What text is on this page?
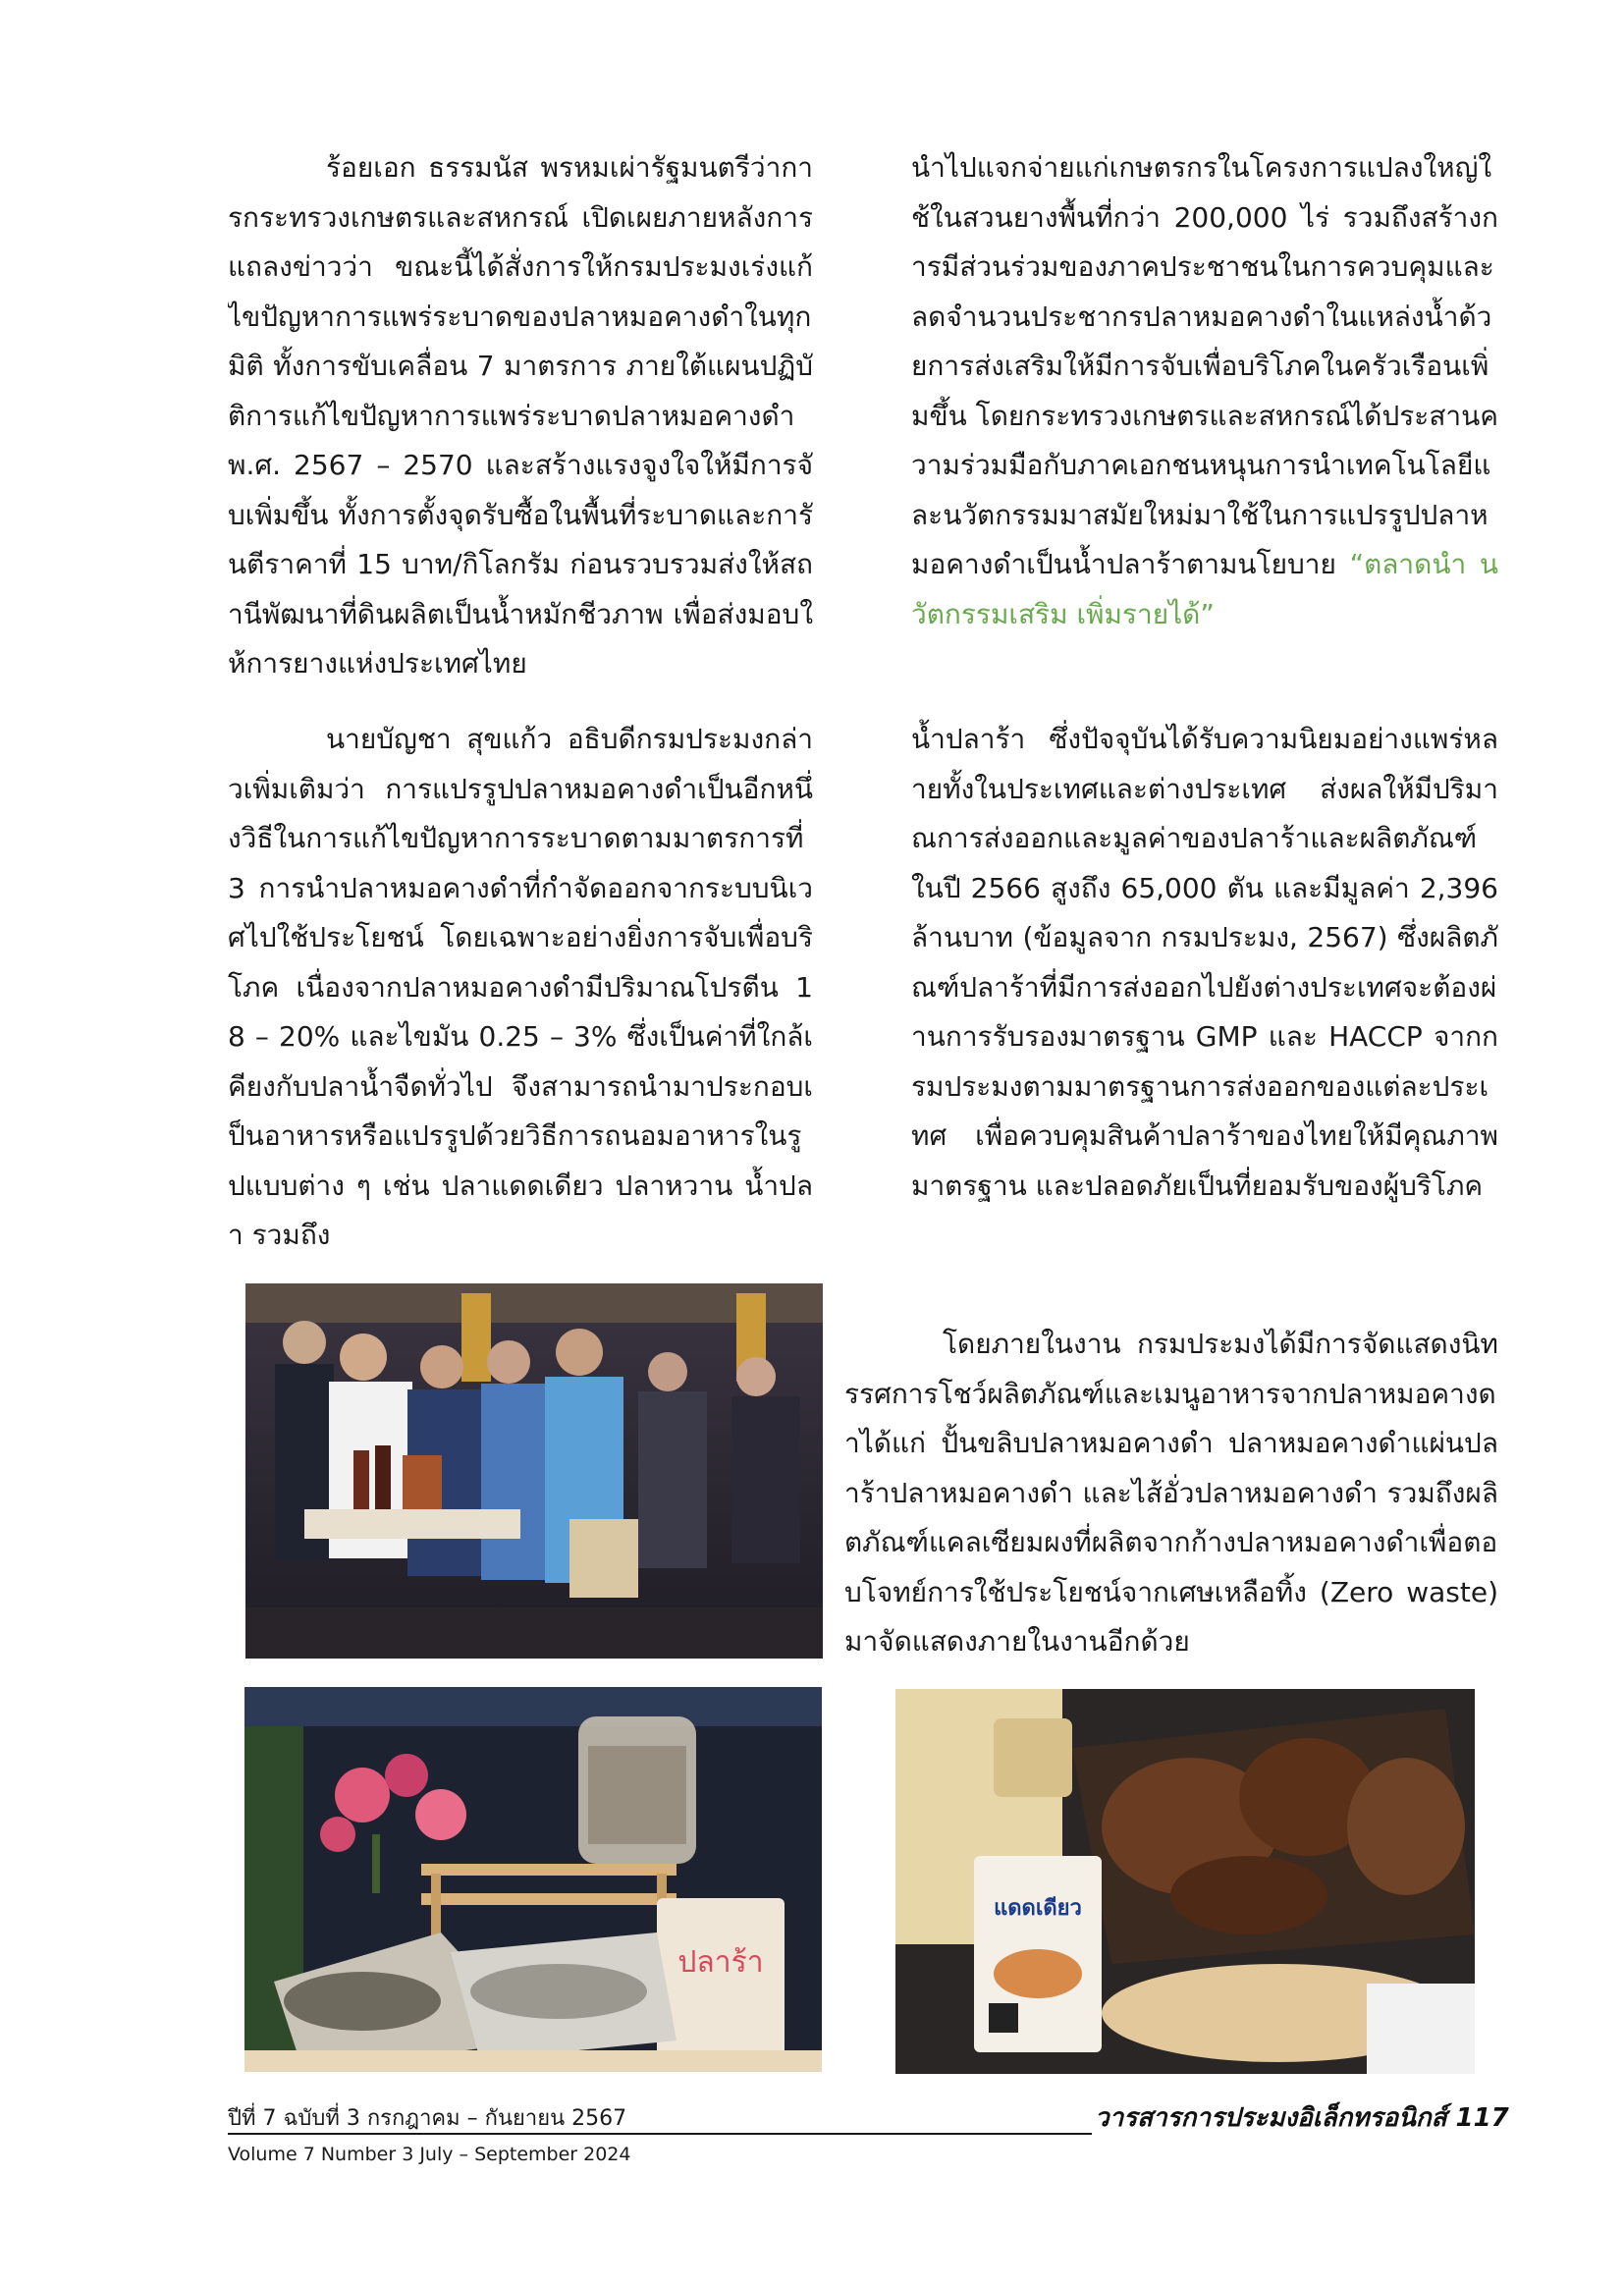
ร้อยเอก ธรรมนัส พรหมเผ่ารัฐมนตรีว่าการกระทรวงเกษตรและสหกรณ์ เปิดเผยภายหลังการแถลงข่าวว่า ขณะนี้ได้สั่งการให้กรมประมงเร่งแก้ไขปัญหาการแพร่ระบาดของปลาหมอคางดำในทุกมิติ ทั้งการขับเคลื่อน 7 มาตรการ ภายใต้แผนปฏิบัติการแก้ไขปัญหาการแพร่ระบาดปลาหมอคางดำ พ.ศ. 2567 – 2570 และสร้างแรงจูงใจให้มีการจับเพิ่มขึ้น ทั้งการตั้งจุดรับซื้อในพื้นที่ระบาดและการันตีราคาที่ 15 บาท/กิโลกรัม ก่อนรวบรวมส่งให้สถานีพัฒนาที่ดินผลิตเป็นน้ำหมักชีวภาพ เพื่อส่งมอบให้การยางแห่งประเทศไทย

นายบัญชา สุขแก้ว อธิบดีกรมประมงกล่าวเพิ่มเติมว่า การแปรรูปปลาหมอคางดำเป็นอีกหนึ่งวิธีในการแก้ไขปัญหาการระบาดตามมาตรการที่ 3 การนำปลาหมอคางดำที่กำจัดออกจากระบบนิเวศไปใช้ประโยชน์ โดยเฉพาะอย่างยิ่งการจับเพื่อบริโภค เนื่องจากปลาหมอคางดำมีปริมาณโปรตีน 18 – 20% และไขมัน 0.25 – 3% ซึ่งเป็นค่าที่ใกล้เคียงกับปลาน้ำจืดทั่วไป จึงสามารถนำมาประกอบเป็นอาหารหรือแปรรูปด้วยวิธีการถนอมอาหารในรูปแบบต่าง ๆ เช่น ปลาแดดเดียว ปลาหวาน น้ำปลา รวมถึง

นำไปแจกจ่ายแก่เกษตรกรในโครงการแปลงใหญ่ใช้ในสวนยางพื้นที่กว่า 200,000 ไร่ รวมถึงสร้างการมีส่วนร่วมของภาคประชาชนในการควบคุมและลดจำนวนประชากรปลาหมอคางดำในแหล่งน้ำด้วยการส่งเสริมให้มีการจับเพื่อบริโภคในครัวเรือนเพิ่มขึ้น โดยกระทรวงเกษตรและสหกรณ์ได้ประสานความร่วมมือกับภาคเอกชนหนุนการนำเทคโนโลยีและนวัตกรรมมาสมัยใหม่มาใช้ในการแปรรูปปลาหมอคางดำเป็นน้ำปลาร้าตามนโยบาย “ตลาดนำ นวัตกรรมเสริม เพิ่มรายได้”

น้ำปลาร้า ซึ่งปัจจุบันได้รับความนิยมอย่างแพร่หลายทั้งในประเทศและต่างประเทศ ส่งผลให้มีปริมาณการส่งออกและมูลค่าของปลาร้าและผลิตภัณฑ์ ในปี 2566 สูงถึง 65,000 ตัน และมีมูลค่า 2,396 ล้านบาท (ข้อมูลจาก กรมประมง, 2567) ซึ่งผลิตภัณฑ์ปลาร้าที่มีการส่งออกไปยังต่างประเทศจะต้องผ่านการรับรองมาตรฐาน GMP และ HACCP จากกรมประมงตามมาตรฐานการส่งออกของแต่ละประเทศ เพื่อควบคุมสินค้าปลาร้าของไทยให้มีคุณภาพ มาตรฐาน และปลอดภัยเป็นที่ยอมรับของผู้บริโภค

โดยภายในงาน กรมประมงได้มีการจัดแสดงนิทรรศการโชว์ผลิตภัณฑ์และเมนูอาหารจากปลาหมอคางดำได้แก่ ปั้นขลิบปลาหมอคางดำ ปลาหมอคางดำแผ่นปลาร้าปลาหมอคางดำ และไส้อั่วปลาหมอคางดำ รวมถึงผลิตภัณฑ์แคลเซียมผงที่ผลิตจากก้างปลาหมอคางดำเพื่อตอบโจทย์การใช้ประโยชน์จากเศษเหลือทิ้ง (Zero waste) มาจัดแสดงภายในงานอีกด้วย

ปลาร้า
แดดเดียว
ปีที่ 7 ฉบับที่ 3 กรกฎาคม – กันยายน 2567
Volume 7 Number 3 July – September 2024
วารสารการประมงอิเล็กทรอนิกส์ 117
